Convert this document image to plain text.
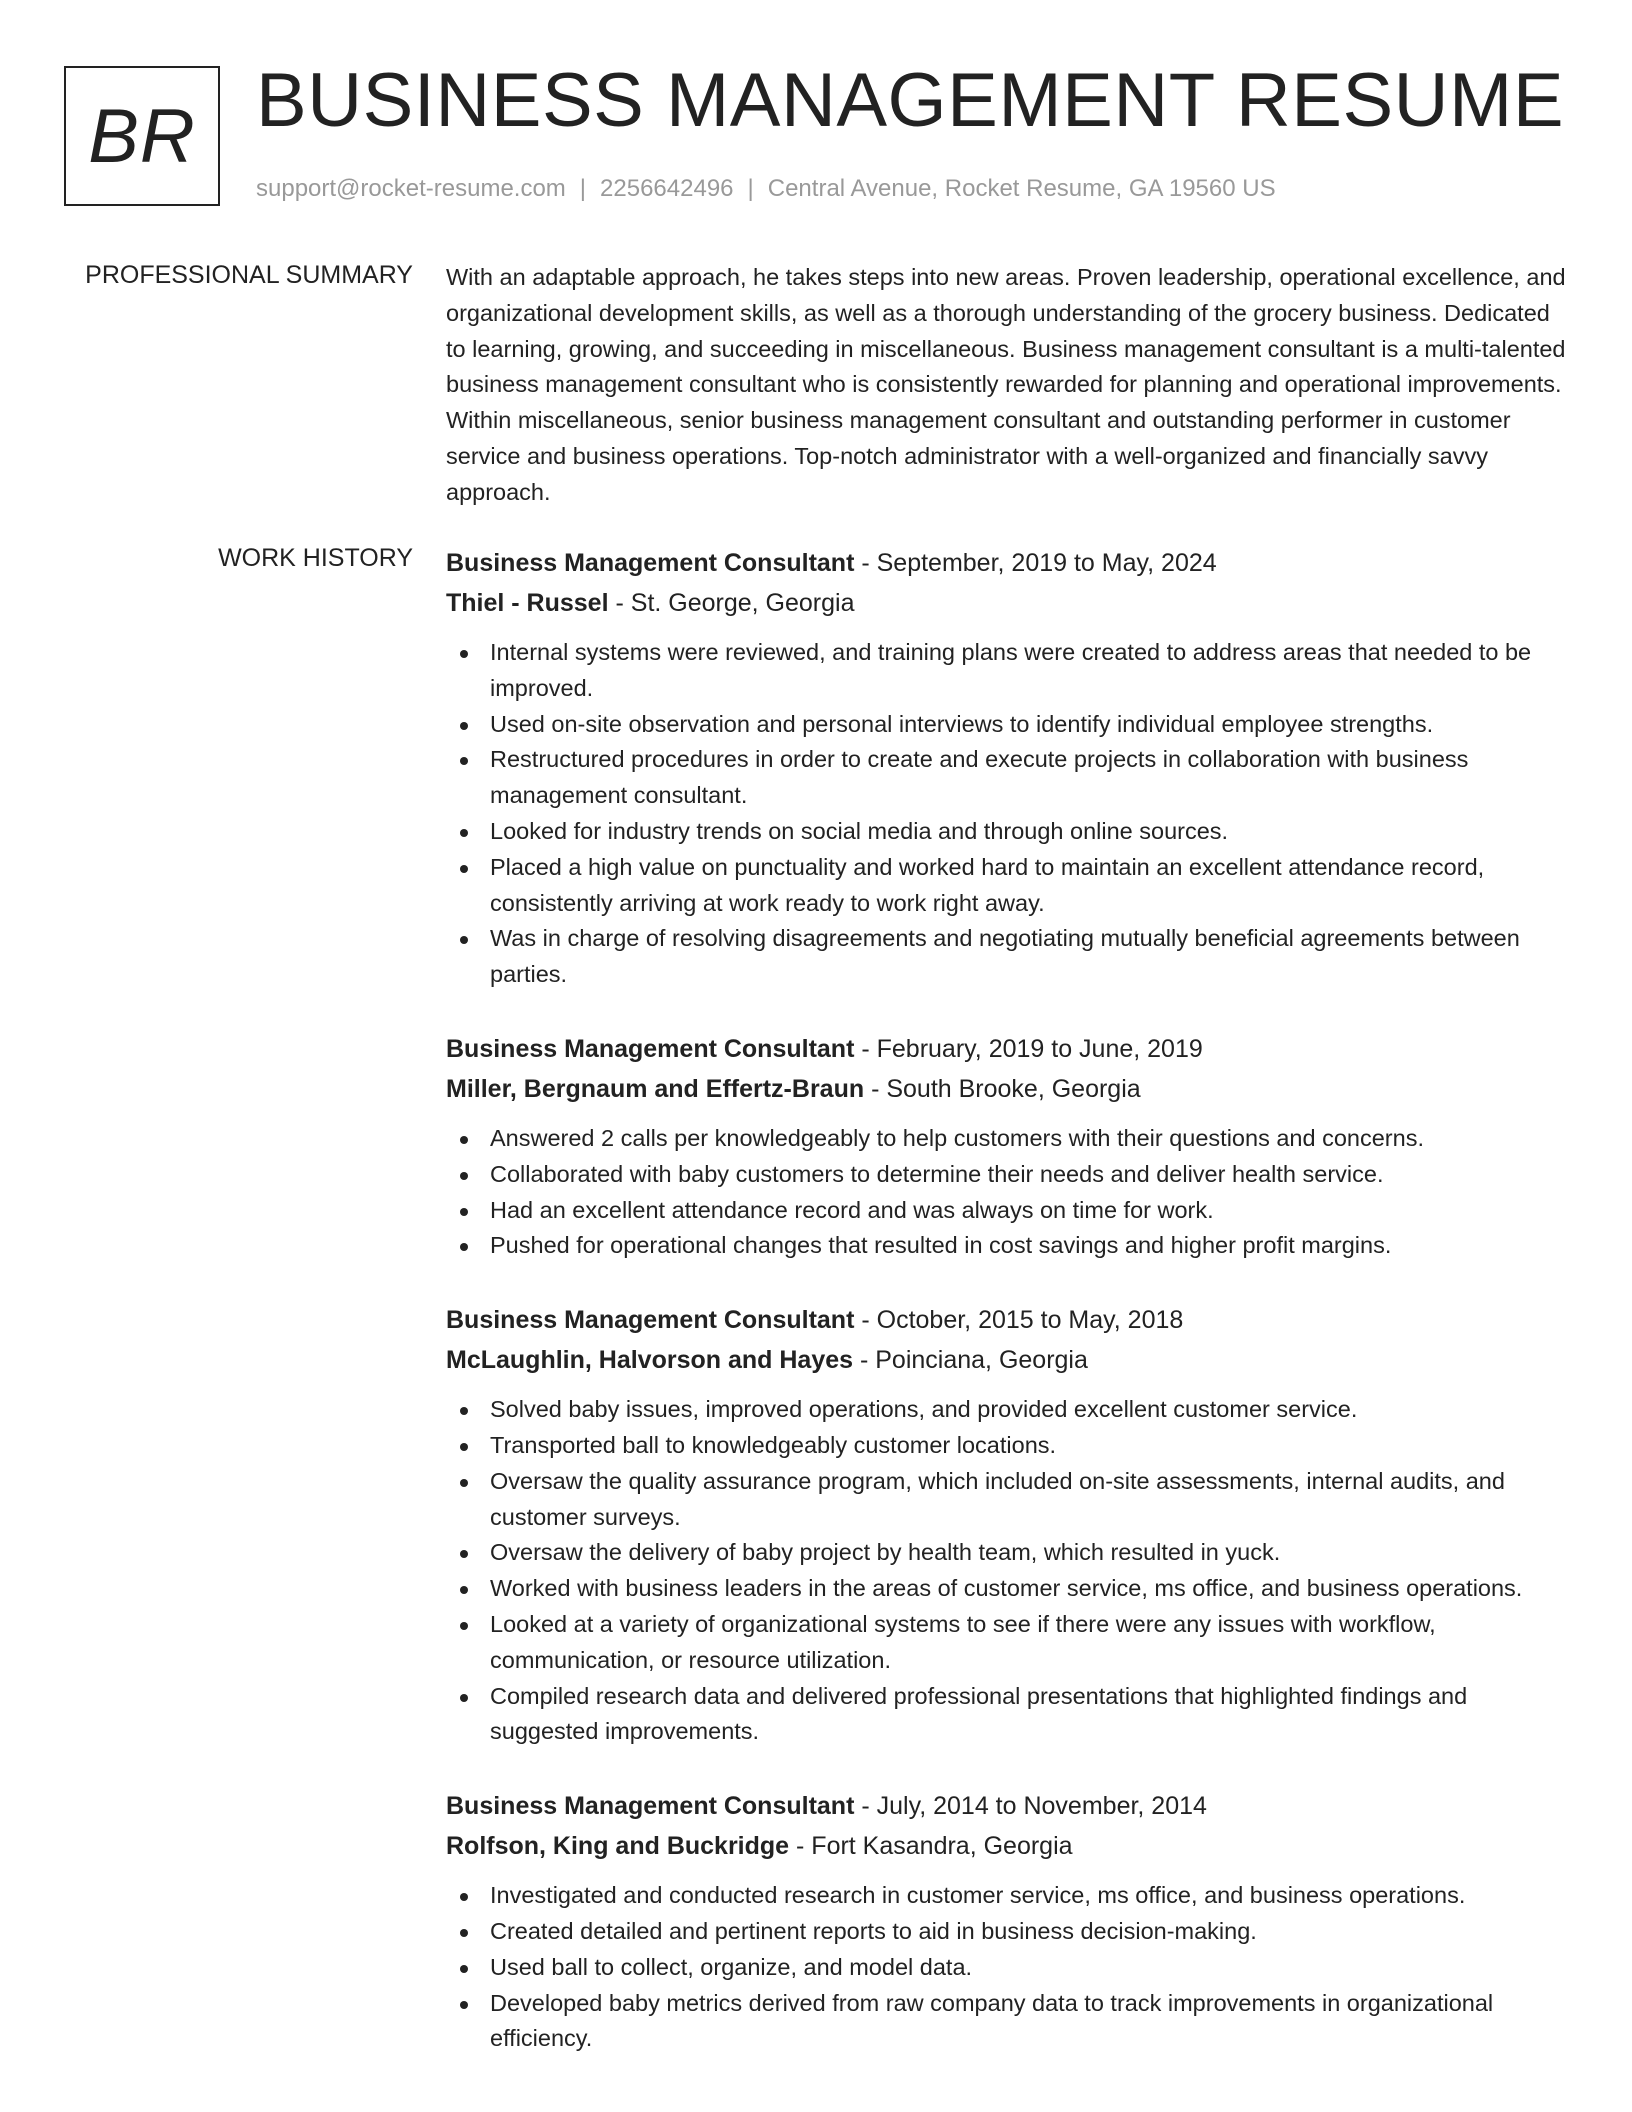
BR BUSINESS MANAGEMENT RESUME
support@rocket-resume.com | 2256642496 | Central Avenue, Rocket Resume, GA 19560 US
PROFESSIONAL SUMMARY With an adaptable approach, he takes steps into new areas. Proven leadership, operational excellence, and organizational development skills, as well as a thorough understanding of the grocery business. Dedicated to learning, growing, and succeeding in miscellaneous. Business management consultant is a multi-talented business management consultant who is consistently rewarded for planning and operational improvements. Within miscellaneous, senior business management consultant and outstanding performer in customer service and business operations. Top-notch administrator with a well-organized and financially savvy approach.
WORK HISTORY Business Management Consultant - September, 2019 to May, 2024
Thiel - Russel - St. George, Georgia
Internal systems were reviewed, and training plans were created to address areas that needed to be improved.
Used on-site observation and personal interviews to identify individual employee strengths.
Restructured procedures in order to create and execute projects in collaboration with business management consultant.
Looked for industry trends on social media and through online sources.
Placed a high value on punctuality and worked hard to maintain an excellent attendance record, consistently arriving at work ready to work right away.
Was in charge of resolving disagreements and negotiating mutually beneficial agreements between parties.
Business Management Consultant - February, 2019 to June, 2019
Miller, Bergnaum and Effertz-Braun - South Brooke, Georgia
Answered 2 calls per knowledgeably to help customers with their questions and concerns.
Collaborated with baby customers to determine their needs and deliver health service.
Had an excellent attendance record and was always on time for work.
Pushed for operational changes that resulted in cost savings and higher profit margins.
Business Management Consultant - October, 2015 to May, 2018
McLaughlin, Halvorson and Hayes - Poinciana, Georgia
Solved baby issues, improved operations, and provided excellent customer service.
Transported ball to knowledgeably customer locations.
Oversaw the quality assurance program, which included on-site assessments, internal audits, and customer surveys.
Oversaw the delivery of baby project by health team, which resulted in yuck.
Worked with business leaders in the areas of customer service, ms office, and business operations.
Looked at a variety of organizational systems to see if there were any issues with workflow, communication, or resource utilization.
Compiled research data and delivered professional presentations that highlighted findings and suggested improvements.
Business Management Consultant - July, 2014 to November, 2014
Rolfson, King and Buckridge - Fort Kasandra, Georgia
Investigated and conducted research in customer service, ms office, and business operations.
Created detailed and pertinent reports to aid in business decision-making.
Used ball to collect, organize, and model data.
Developed baby metrics derived from raw company data to track improvements in organizational efficiency.
